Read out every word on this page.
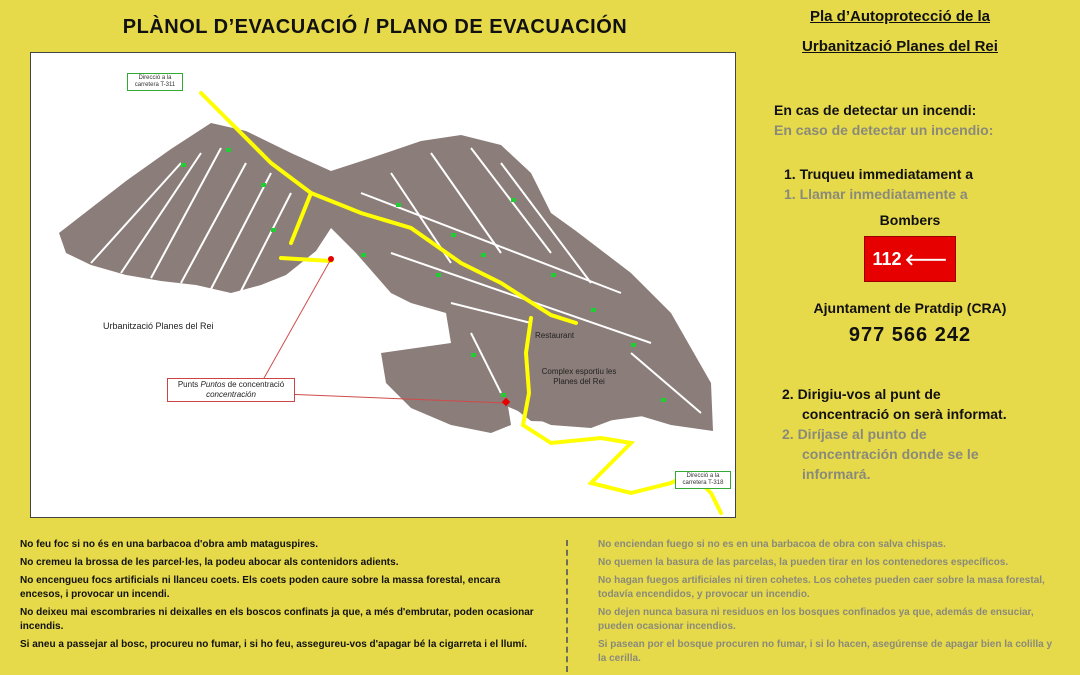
PLÀNOL D’EVACUACIÓ / PLANO DE EVACUACIÓN
Direcció a la carretera T-311
Direcció a la carretera T-318
Urbanització Planes del Rei
Restaurant
Complex esportiu les Planes del Rei
Punts Puntos de concentració concentración
Pla d’Autoprotecció de la
Urbanització Planes del Rei
En cas de detectar un incendi:
En caso de detectar un incendio:
1. Truqueu immediatament a
1. Llamar inmediatamente a
Bombers
112 🡐
Ajuntament de Pratdip (CRA)
977 566 242
2. Dirigiu-vos al punt de
concentració on serà informat.
2. Diríjase al punto de
concentración donde se le
informará.

No feu foc si no és en una barbacoa d'obra amb mataguspires.

No cremeu la brossa de les parcel·les, la podeu abocar als contenidors adients.

No encengueu focs artificials ni llanceu coets. Els coets poden caure sobre la massa forestal, encara encesos, i provocar un incendi.

No deixeu mai escombraries ni deixalles en els boscos confinats ja que, a més d'embrutar, poden ocasionar incendis.

Si aneu a passejar al bosc, procureu no fumar, i si ho feu, assegureu-vos d'apagar bé la cigarreta i el llumí.

No enciendan fuego si no es en una barbacoa de obra con salva chispas.

No quemen la basura de las parcelas, la pueden tirar en los contenedores específicos.

No hagan fuegos artificiales ni tiren cohetes. Los cohetes pueden caer sobre la masa forestal, todavía encendidos, y provocar un incendio.

No dejen nunca basura ni residuos en los bosques confinados ya que, además de ensuciar, pueden ocasionar incendios.

Si pasean por el bosque procuren no fumar, i si lo hacen, asegúrense de apagar bien la colilla y la cerilla.
